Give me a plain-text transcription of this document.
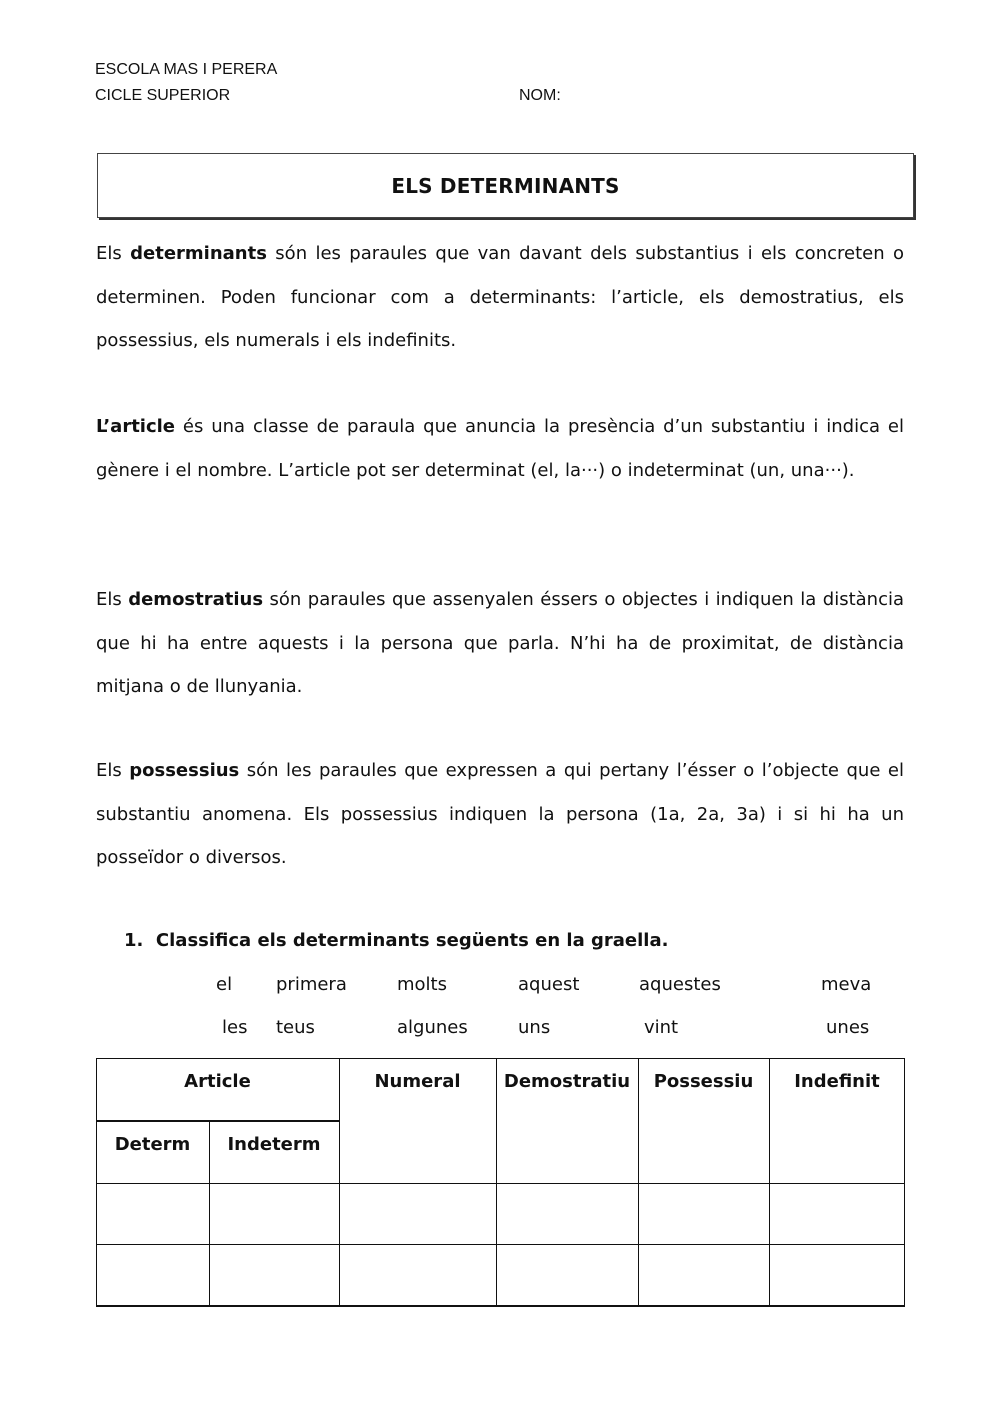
ESCOLA MAS I PERERA
CICLE SUPERIOR	NOM:
ELS DETERMINANTS

Els determinants són les paraules que van davant dels substantius i els concreten o determinen. Poden funcionar com a determinants: l’article, els demostratius, els possessius, els numerals i els indefinits.

L’article és una classe de paraula que anuncia la presència d’un substantiu i indica el gènere i el nombre. L’article pot ser determinat (el, la···) o indeterminat (un, una···).

Els demostratius són paraules que assenyalen éssers o objectes i indiquen la distància que hi ha entre aquests i la persona que parla. N’hi ha de proximitat, de distància mitjana o de llunyania.

Els possessius són les paraules que expressen a qui pertany l’ésser o l’objecte que el substantiu anomena. Els possessius indiquen la persona (1a, 2a, 3a) i si hi ha un posseïdor o diversos.

1. Classifica els determinants següents en la graella.
el primera	molts	aquest	aquestes	meva
les teus	algunes	uns	vint	unes
Article	Numeral	Demostratiu	Possessiu	Indefinit
Determ	Indeterm
